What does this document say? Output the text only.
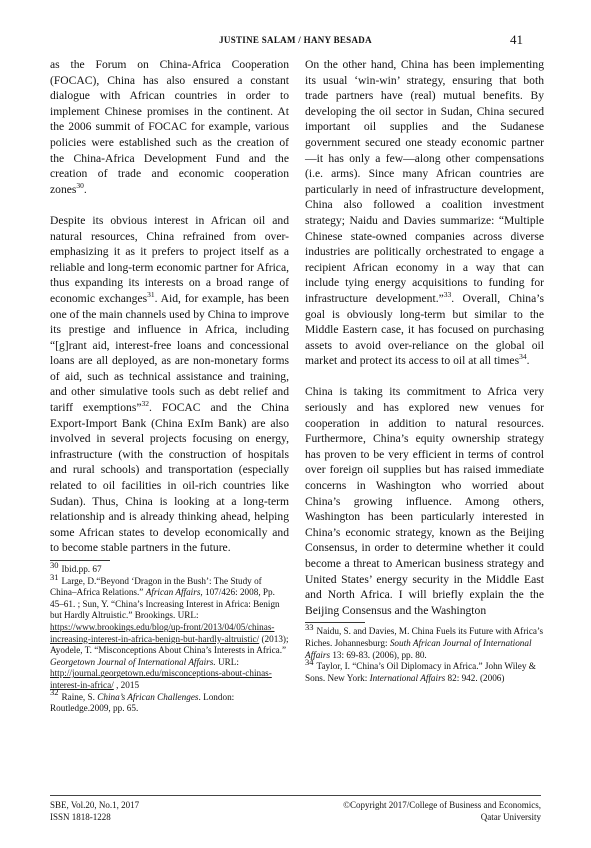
JUSTINE SALAM / HANY BESADA	41

as the Forum on China-Africa Cooperation (FOCAC), China has also ensured a constant dialogue with African countries in order to implement Chinese promises in the continent. At the 2006 summit of FOCAC for example, various policies were established such as the creation of the China-Africa Development Fund and the creation of trade and economic cooperation zones$^{30}$.

Despite its obvious interest in African oil and natural resources, China refrained from over-emphasizing it as it prefers to project itself as a reliable and long-term economic partner for Africa, thus expanding its interests on a broad range of economic exchanges$^{31}$. Aid, for example, has been one of the main channels used by China to improve its prestige and influence in Africa, including “[g]rant aid, interest-free loans and concessional loans are all deployed, as are non-monetary forms of aid, such as technical assistance and training, and other simulative tools such as debt relief and tariff exemptions”$^{32}$. FOCAC and the China Export-Import Bank (China ExIm Bank) are also involved in several projects focusing on energy, infrastructure (with the construction of hospitals and rural schools) and transportation (especially related to oil facilities in oil-rich countries like Sudan). Thus, China is looking at a long-term relationship and is already thinking ahead, helping some African states to develop economically and to become stable partners in the future.

30 Ibid.pp. 67
31 Large, D.“Beyond ‘Dragon in the Bush’: The Study of China–Africa Relations.” African Affairs, 107/426: 2008, Pp. 45–61. ; Sun, Y. “China’s Increasing Interest in Africa: Benign but Hardly Altruistic.” Brookings. URL: https://www.brookings.edu/blog/up-front/2013/04/05/chinas-increasing-interest-in-africa-benign-but-hardly-altruistic/ (2013); Ayodele, T. “Misconceptions About China’s Interests in Africa.” Georgetown Journal of International Affairs. URL: http://journal.georgetown.edu/misconceptions-about-chinas-interest-in-africa/ , 2015
32 Raine, S. China’s African Challenges. London: Routledge.2009, pp. 65.

On the other hand, China has been implementing its usual ‘win-win’ strategy, ensuring that both trade partners have (real) mutual benefits. By developing the oil sector in Sudan, China secured important oil supplies and the Sudanese government secured one steady economic partner—it has only a few—along other compensations (i.e. arms). Since many African countries are particularly in need of infrastructure development, China also followed a coalition investment strategy; Naidu and Davies summarize: “Multiple Chinese state-owned companies across diverse industries are politically orchestrated to engage a recipient African economy in a way that can include tying energy acquisitions to funding for infrastructure development.”$^{33}$. Overall, China’s goal is obviously long-term but similar to the Middle Eastern case, it has focused on purchasing assets to avoid over-reliance on the global oil market and protect its access to oil at all times$^{34}$.

China is taking its commitment to Africa very seriously and has explored new venues for cooperation in addition to natural resources. Furthermore, China’s equity ownership strategy has proven to be very efficient in terms of control over foreign oil supplies but has raised immediate concerns in Washington who worried about China’s growing influence. Among others, Washington has been particularly interested in China’s economic strategy, known as the Beijing Consensus, in order to determine whether it could become a threat to American business strategy and United States’ energy security in the Middle East and North Africa. I will briefly explain the the Beijing Consensus and the Washington

33 Naidu, S. and Davies, M. China Fuels its Future with Africa’s Riches. Johannesburg: South African Journal of International Affairs 13: 69-83. (2006), pp. 80.
34 Taylor, I. “China’s Oil Diplomacy in Africa.” John Wiley & Sons. New York: International Affairs 82: 942. (2006)
SBE, Vol.20, No.1, 2017
ISSN 1818-1228
©Copyright 2017/College of Business and Economics,
Qatar University
